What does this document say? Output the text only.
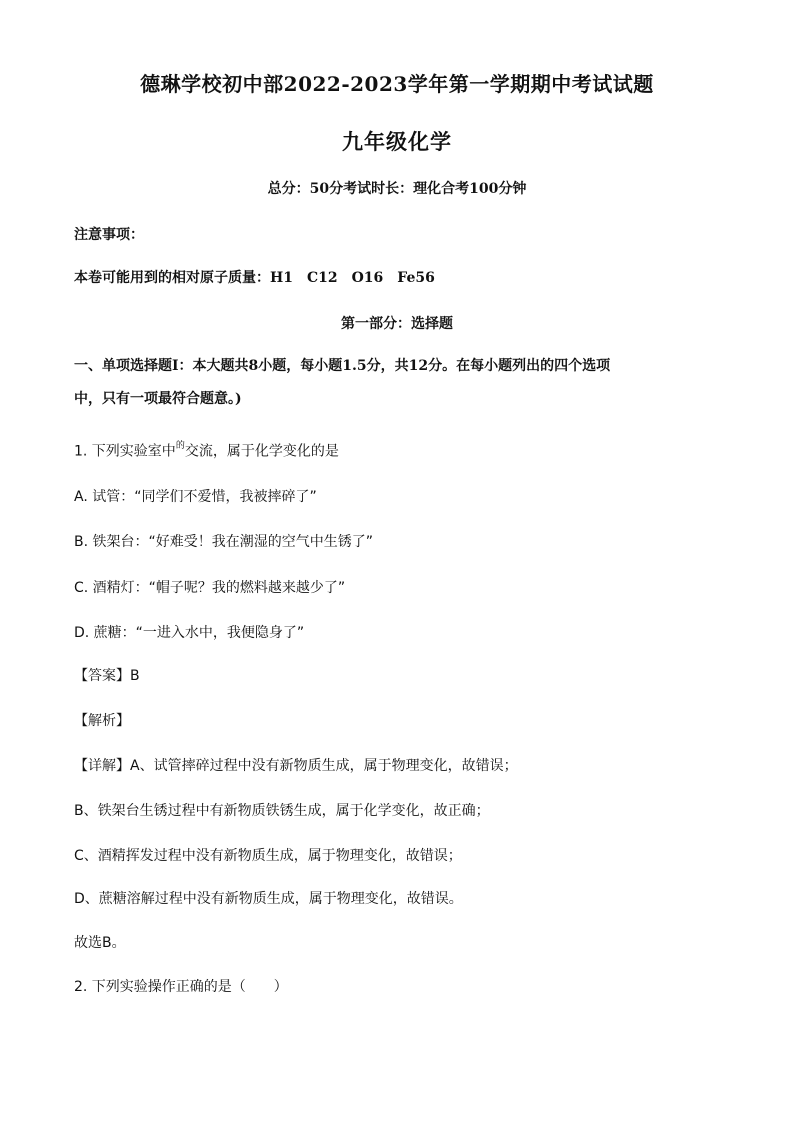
德琳学校初中部2022-2023学年第一学期期中考试试题
九年级化学
总分：50分考试时长：理化合考100分钟
注意事项：
本卷可能用到的相对原子质量：H1　C12　O16　Fe56
第一部分：选择题
一、单项选择题Ⅰ：本大题共8小题，每小题1.5分，共12分。在每小题列出的四个选项
中，只有一项最符合题意。)
1. 下列实验室中$^的$交流，属于化学变化的是
A. 试管：“同学们不爱惜，我被摔碎了”
B. 铁架台：“好难受！我在潮湿的空气中生锈了”
C. 酒精灯：“帽子呢？我的燃料越来越少了”
D. 蔗糖：“一进入水中，我便隐身了”
【答案】B
【解析】
【详解】A、试管摔碎过程中没有新物质生成，属于物理变化，故错误；
B、铁架台生锈过程中有新物质铁锈生成，属于化学变化，故正确；
C、酒精挥发过程中没有新物质生成，属于物理变化，故错误；
D、蔗糖溶解过程中没有新物质生成，属于物理变化，故错误。
故选B。
2. 下列实验操作正确的是（　　）
